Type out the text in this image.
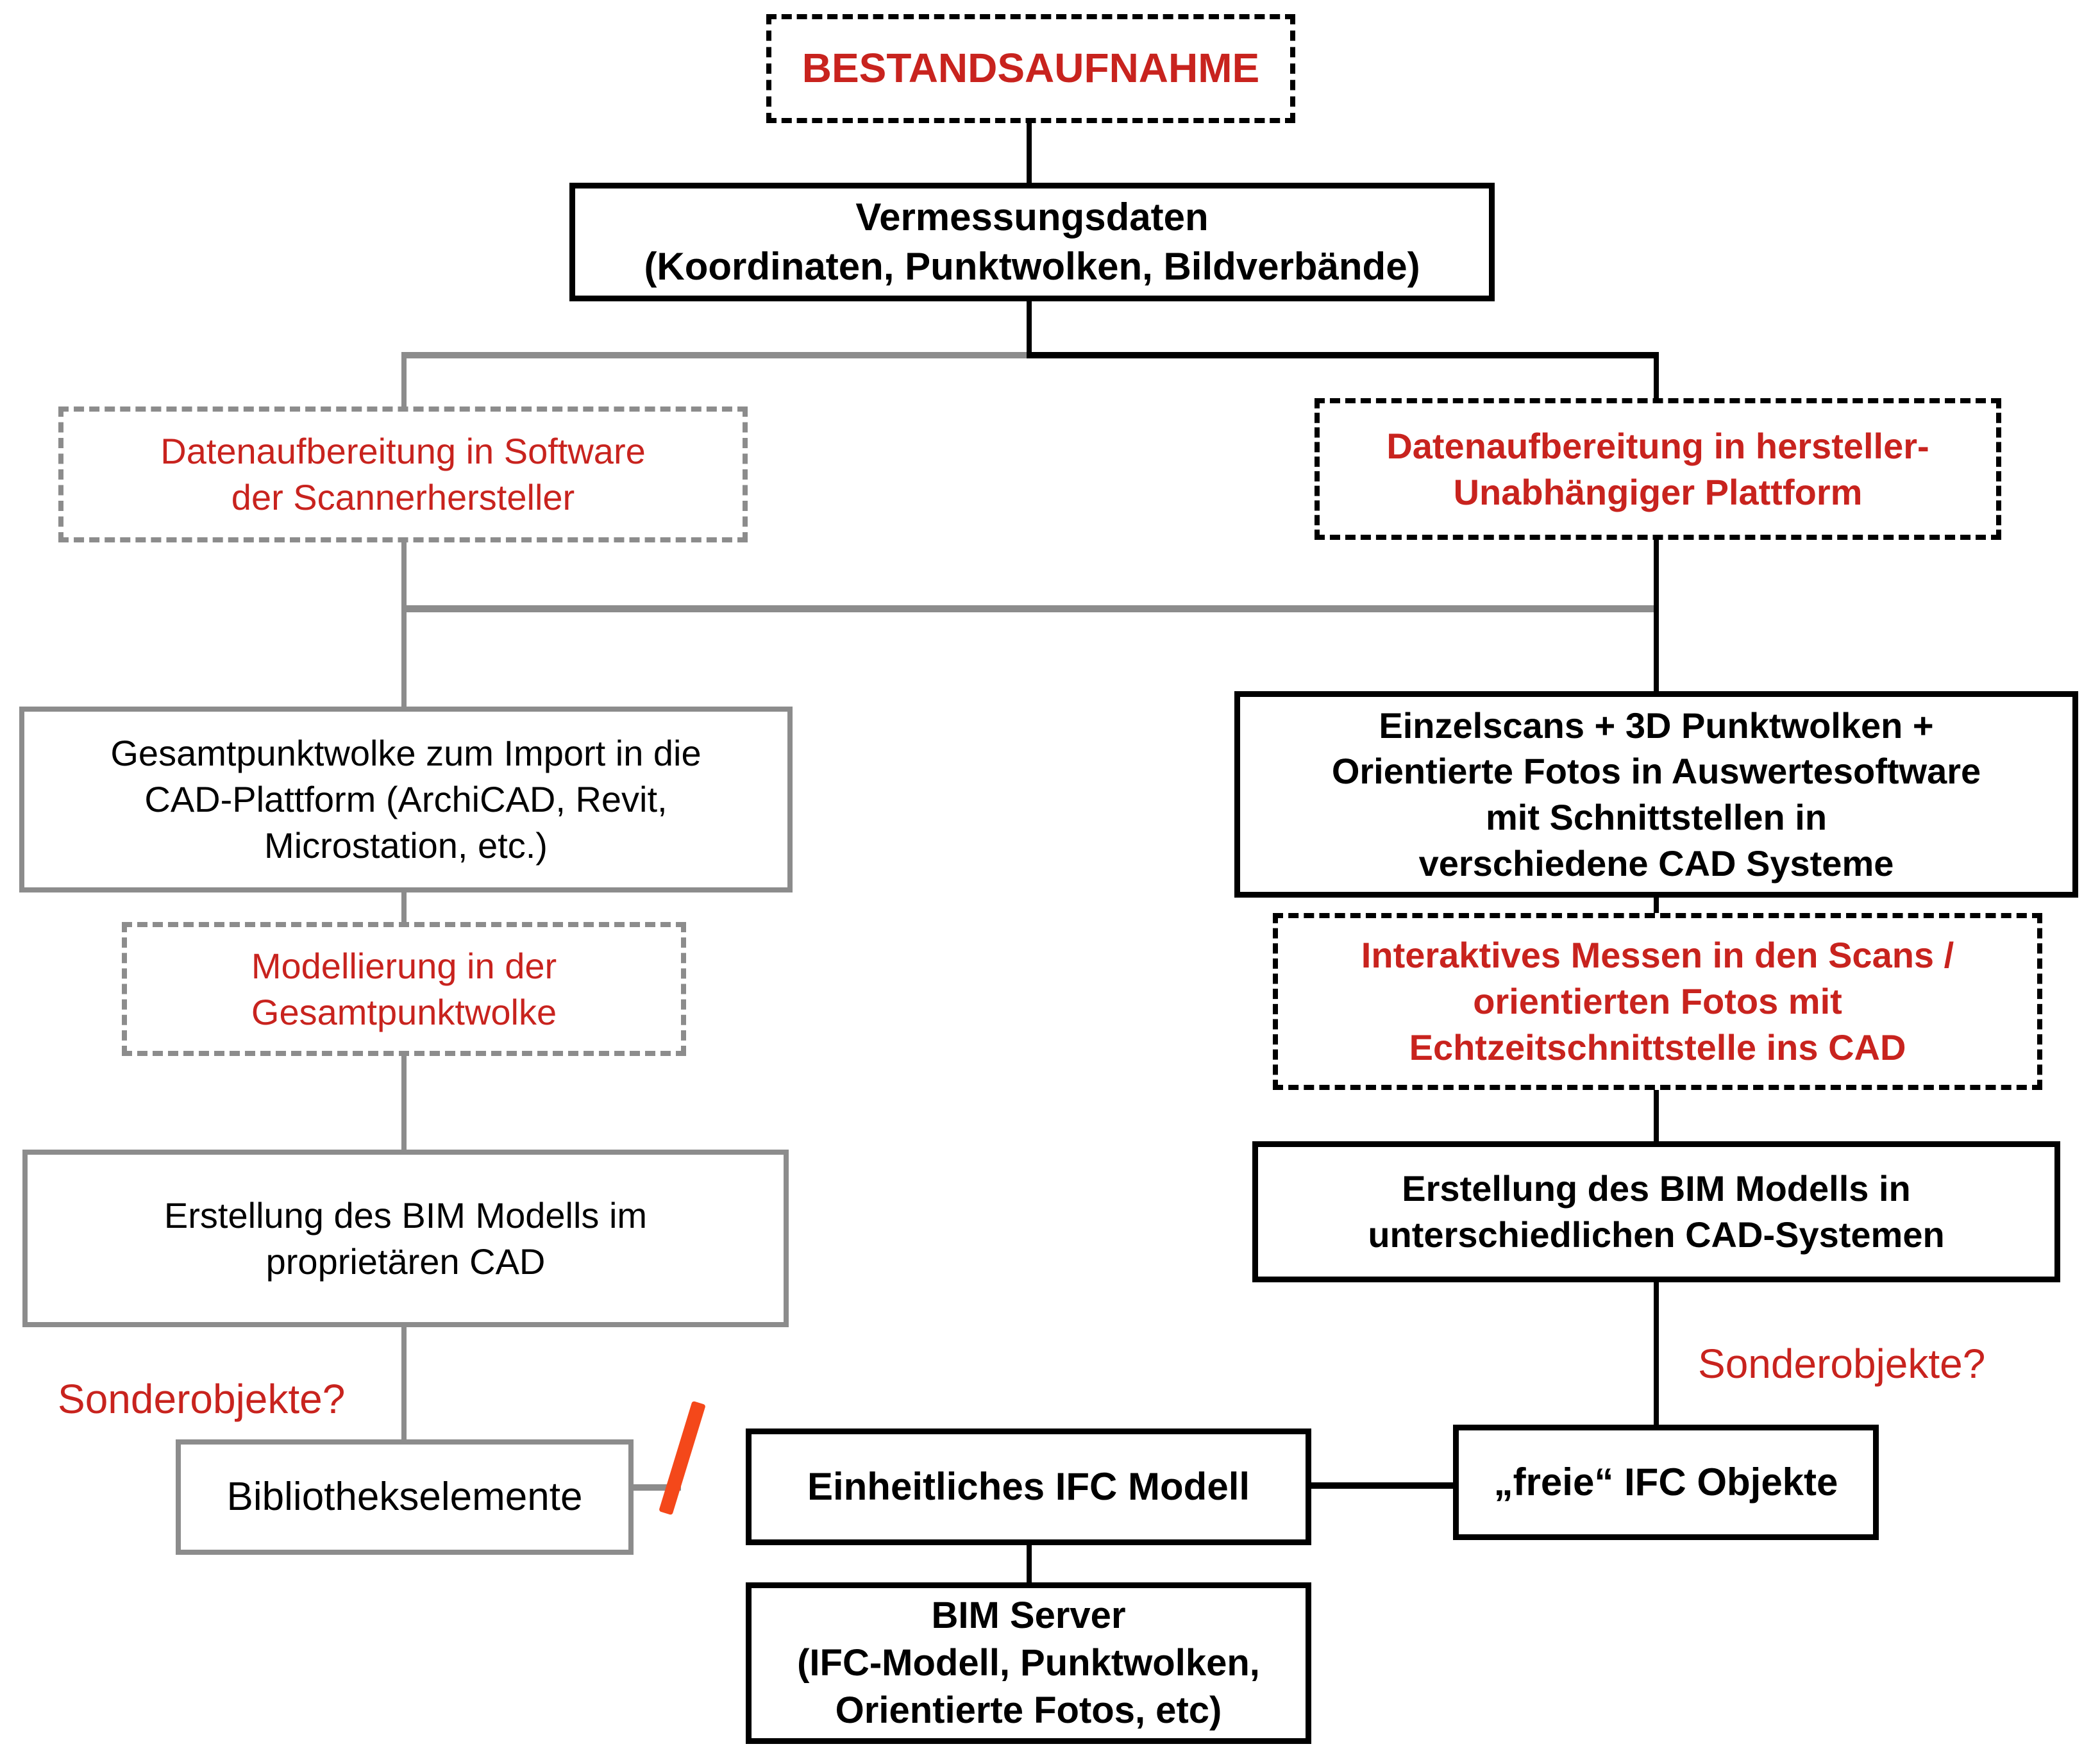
BESTANDSAUFNAHME
Vermessungsdaten
(Koordinaten, Punktwolken, Bildverbände)
Datenaufbereitung in Software
der Scannerhersteller
Datenaufbereitung in hersteller-
Unabhängiger Plattform
Gesamtpunktwolke zum Import in die
CAD-Plattform (ArchiCAD, Revit,
Microstation, etc.)
Einzelscans + 3D Punktwolken +
Orientierte Fotos in Auswertesoftware
mit Schnittstellen in
verschiedene CAD Systeme
Modellierung in der
Gesamtpunktwolke
Interaktives Messen in den Scans /
orientierten Fotos mit
Echtzeitschnittstelle ins CAD
Erstellung des BIM Modells im
proprietären CAD
Erstellung des BIM Modells in
unterschiedlichen CAD-Systemen
Sonderobjekte?
Sonderobjekte?
Bibliothekselemente	Einheitliches IFC Modell	„freie“ IFC Objekte
BIM Server
(IFC-Modell, Punktwolken,
Orientierte Fotos, etc)
